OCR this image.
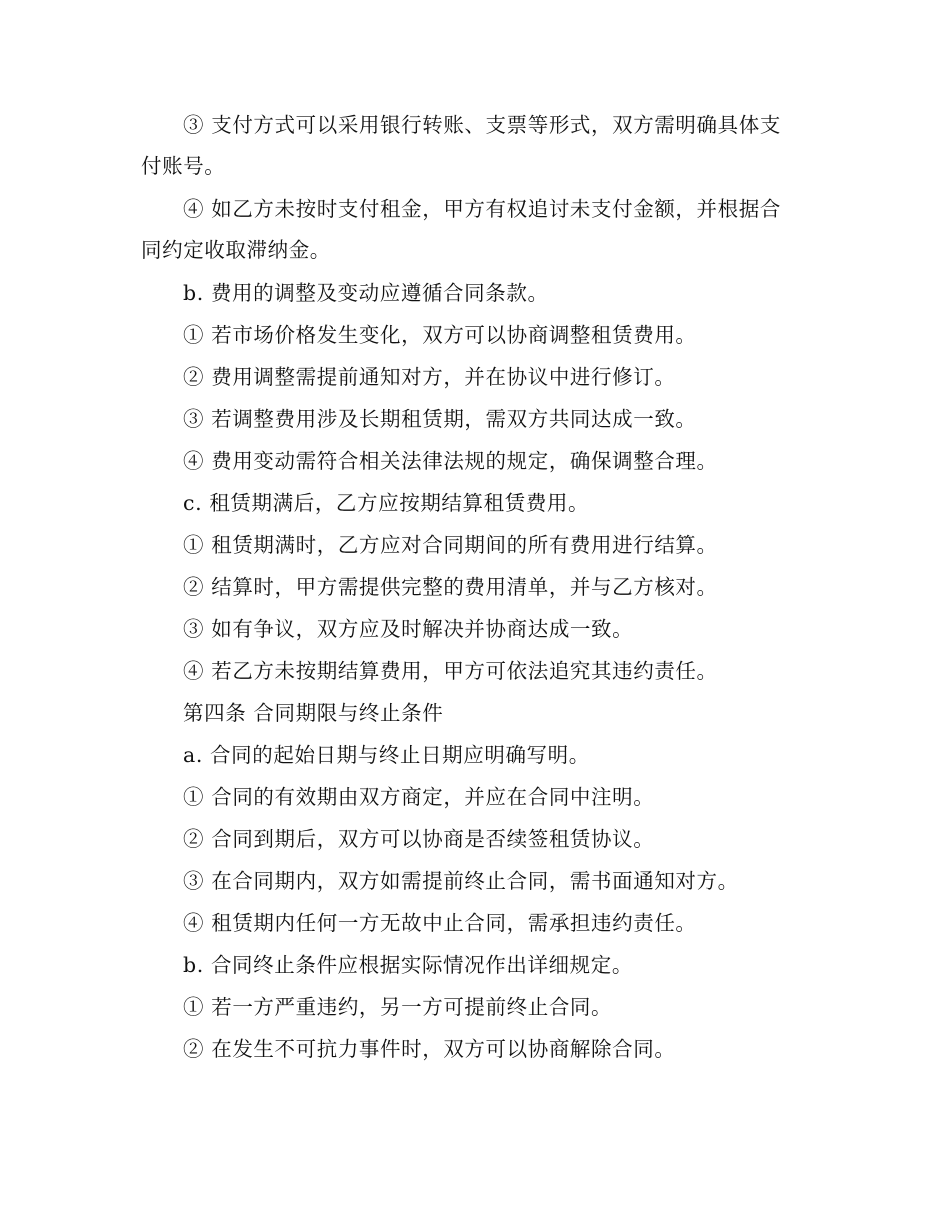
③ 支付方式可以采用银行转账、支票等形式，双方需明确具体支
付账号。
④ 如乙方未按时支付租金，甲方有权追讨未支付金额，并根据合
同约定收取滞纳金。
b. 费用的调整及变动应遵循合同条款。
① 若市场价格发生变化，双方可以协商调整租赁费用。
② 费用调整需提前通知对方，并在协议中进行修订。
③ 若调整费用涉及长期租赁期，需双方共同达成一致。
④ 费用变动需符合相关法律法规的规定，确保调整合理。
c. 租赁期满后，乙方应按期结算租赁费用。
① 租赁期满时，乙方应对合同期间的所有费用进行结算。
② 结算时，甲方需提供完整的费用清单，并与乙方核对。
③ 如有争议，双方应及时解决并协商达成一致。
④ 若乙方未按期结算费用，甲方可依法追究其违约责任。
第四条 合同期限与终止条件
a. 合同的起始日期与终止日期应明确写明。
① 合同的有效期由双方商定，并应在合同中注明。
② 合同到期后，双方可以协商是否续签租赁协议。
③ 在合同期内，双方如需提前终止合同，需书面通知对方。
④ 租赁期内任何一方无故中止合同，需承担违约责任。
b. 合同终止条件应根据实际情况作出详细规定。
① 若一方严重违约，另一方可提前终止合同。
② 在发生不可抗力事件时，双方可以协商解除合同。
